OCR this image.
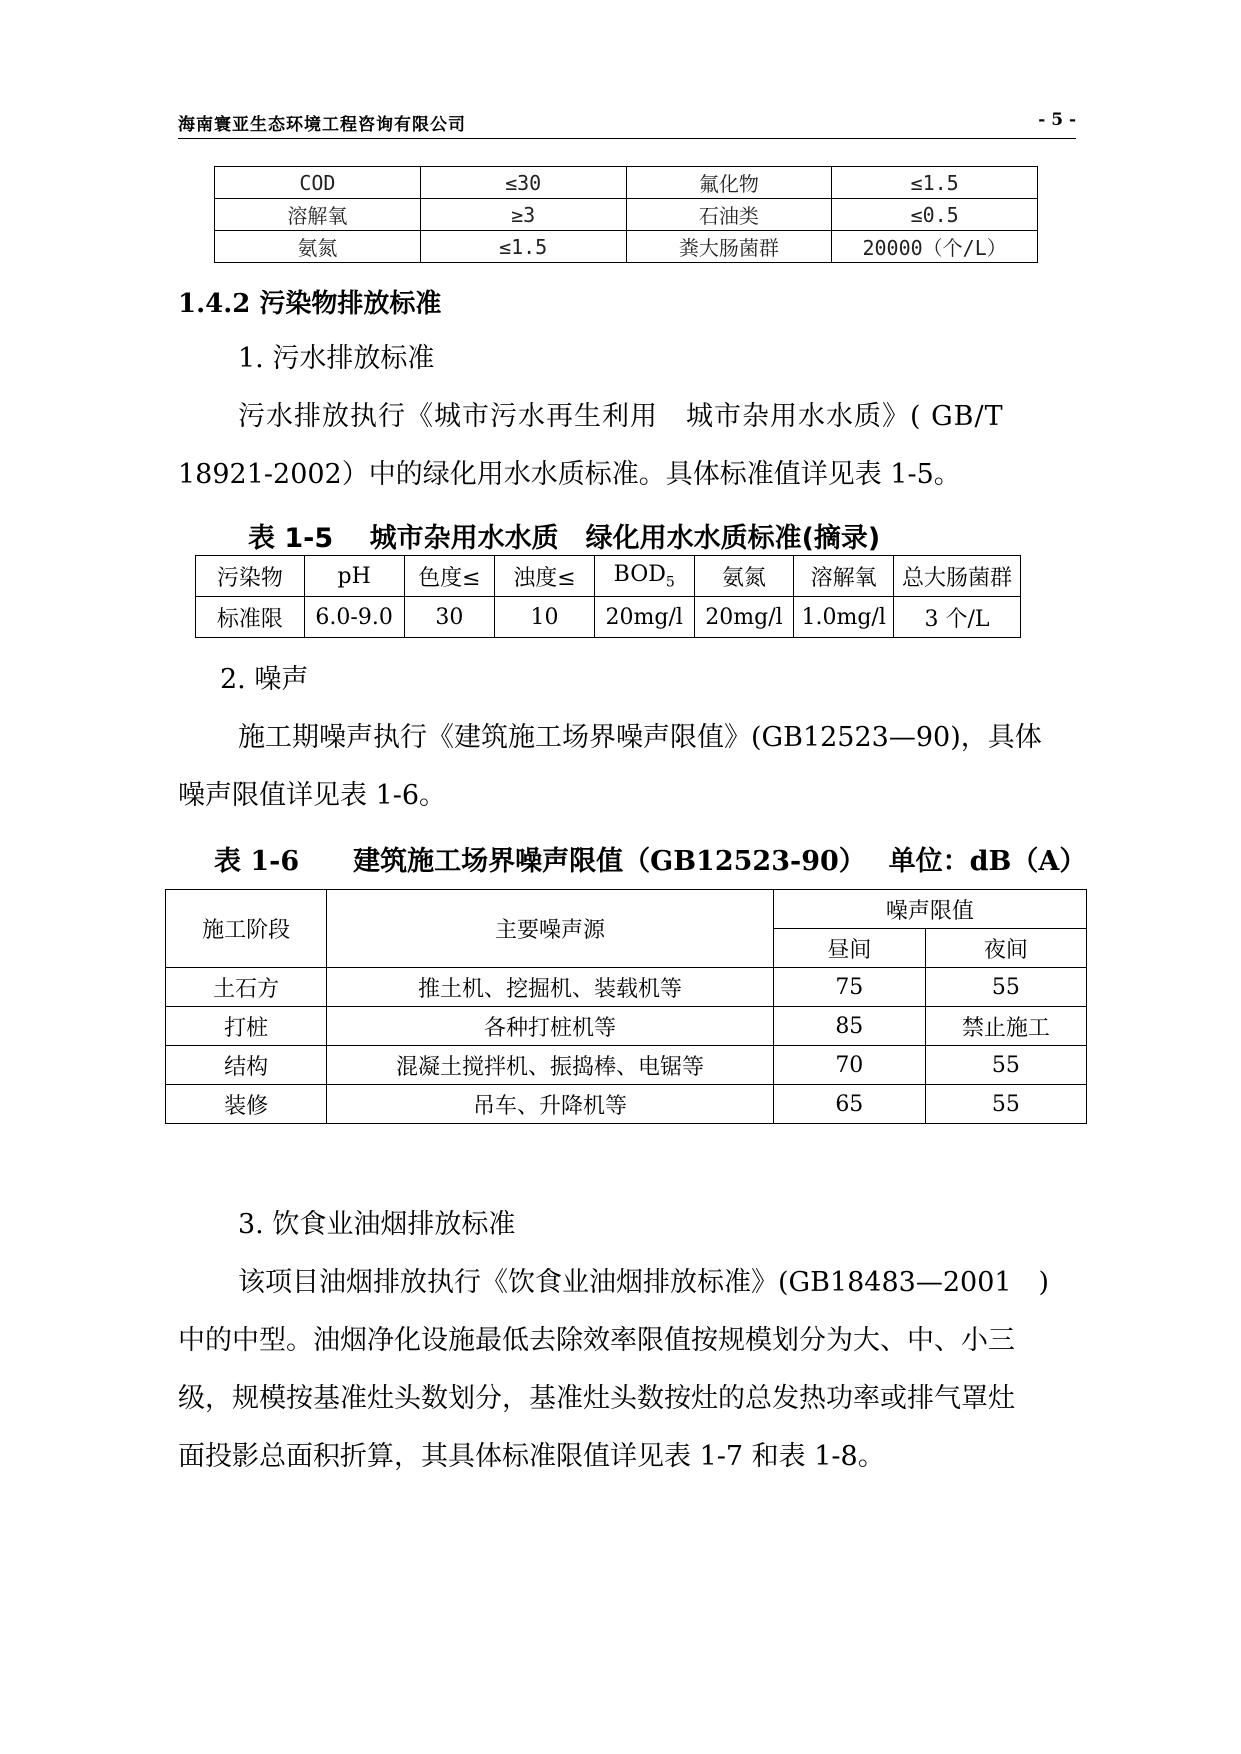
海南寰亚生态环境工程咨询有限公司	- 5 -
COD	≤30	氟化物	≤1.5
溶解氧	≥3	石油类	≤0.5
氨氮	≤1.5	粪大肠菌群	20000（个/L）
1.4.2 污染物排放标准
1. 污水排放标准
污水排放执行《城市污水再生利用　城市杂用水水质》( GB/T
18921-2002）中的绿化用水水质标准。具体标准值详见表 1-5。
表 1-5　 城市杂用水水质　绿化用水水质标准(摘录)
污染物	pH	色度≤	浊度≤	$BOD_5$	氨氮	溶解氧	总大肠菌群
标准限	6.0-9.0	30	10	20mg/l	20mg/l	1.0mg/l	3 个/L
2. 噪声
施工期噪声执行《建筑施工场界噪声限值》(GB12523—90)，具体
噪声限值详见表 1-6。
表 1-6　　建筑施工场界噪声限值（GB12523-90）　 单位：dB（A）
施工阶段	主要噪声源	噪声限值	
		昼间	夜间
土石方	推土机、挖掘机、装载机等	75	55
打桩	各种打桩机等	85	禁止施工
结构	混凝土搅拌机、振捣棒、电锯等	70	55
装修	吊车、升降机等	65	55
3. 饮食业油烟排放标准
该项目油烟排放执行《饮食业油烟排放标准》(GB18483—2001　)
中的中型。油烟净化设施最低去除效率限值按规模划分为大、中、小三
级，规模按基准灶头数划分，基准灶头数按灶的总发热功率或排气罩灶
面投影总面积折算，其具体标准限值详见表 1-7 和表 1-8。
